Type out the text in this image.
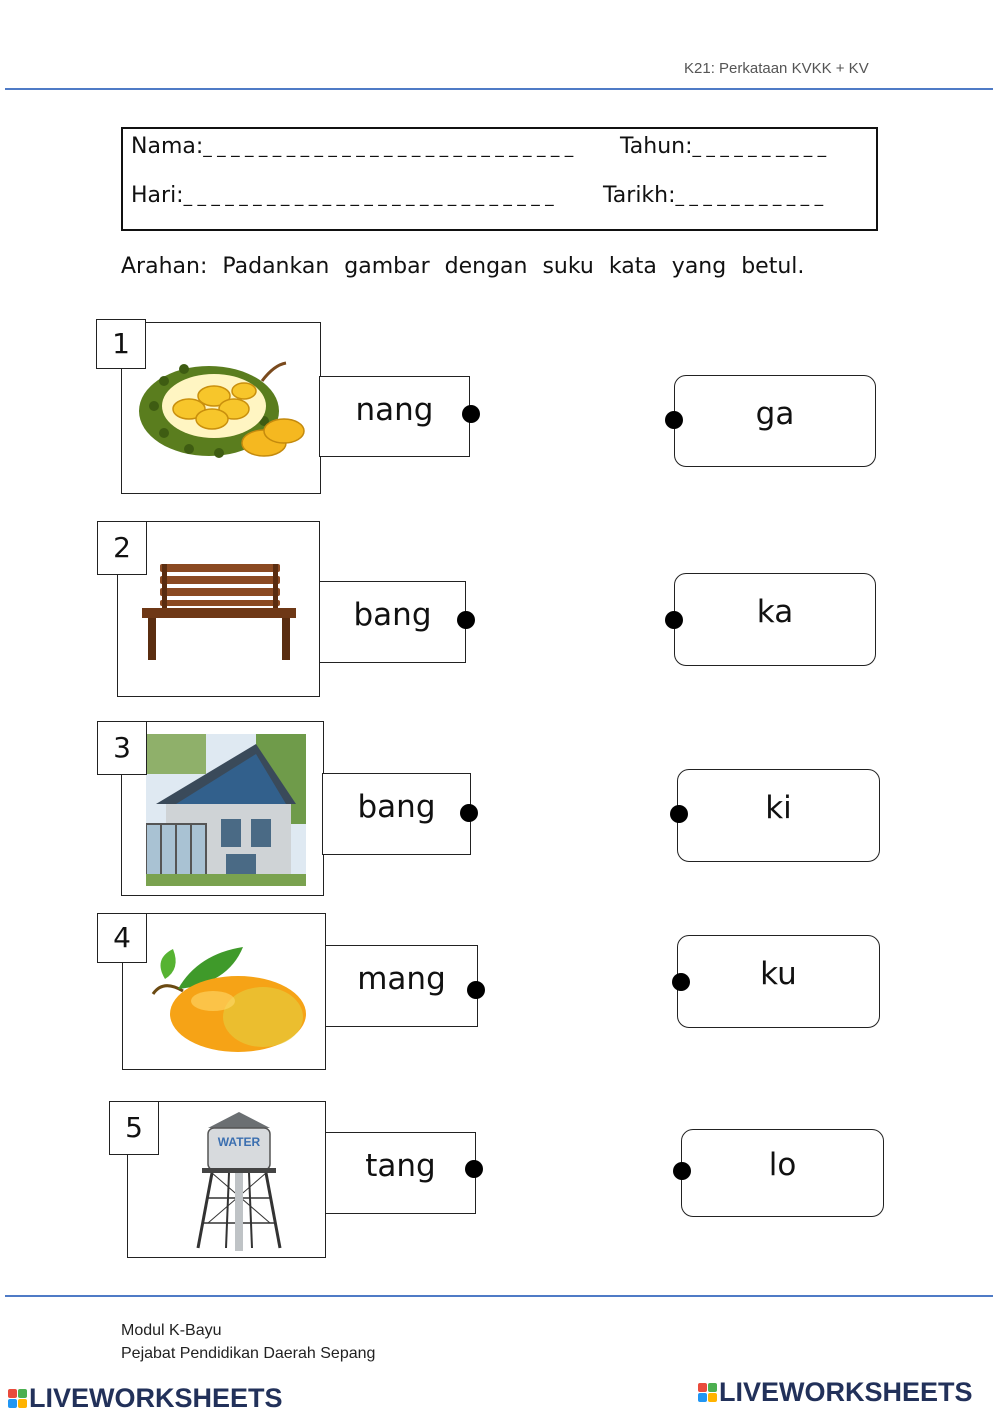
K21: Perkataan KVKK + KV
Nama:_ _ _ _ _ _ _ _ _ _ _ _ _ _ _ _ _ _ _ _ _ _ _ _ _ _ _ Tahun:_ _ _ _ _ _ _ _ _ _
Hari:_ _ _ _ _ _ _ _ _ _ _ _ _ _ _ _ _ _ _ _ _ _ _ _ _ _ _ Tarikh:_ _ _ _ _ _ _ _ _ _ _
Arahan: Padankan gambar dengan suku kata yang betul.
1
nang	ga
2
bang	ka
3
bang	ki
4
mang	ku
WATER
5
tang	lo
Modul K-Bayu
Pejabat Pendidikan Daerah Sepang
LIVEWORKSHEETS	LIVEWORKSHEETS
